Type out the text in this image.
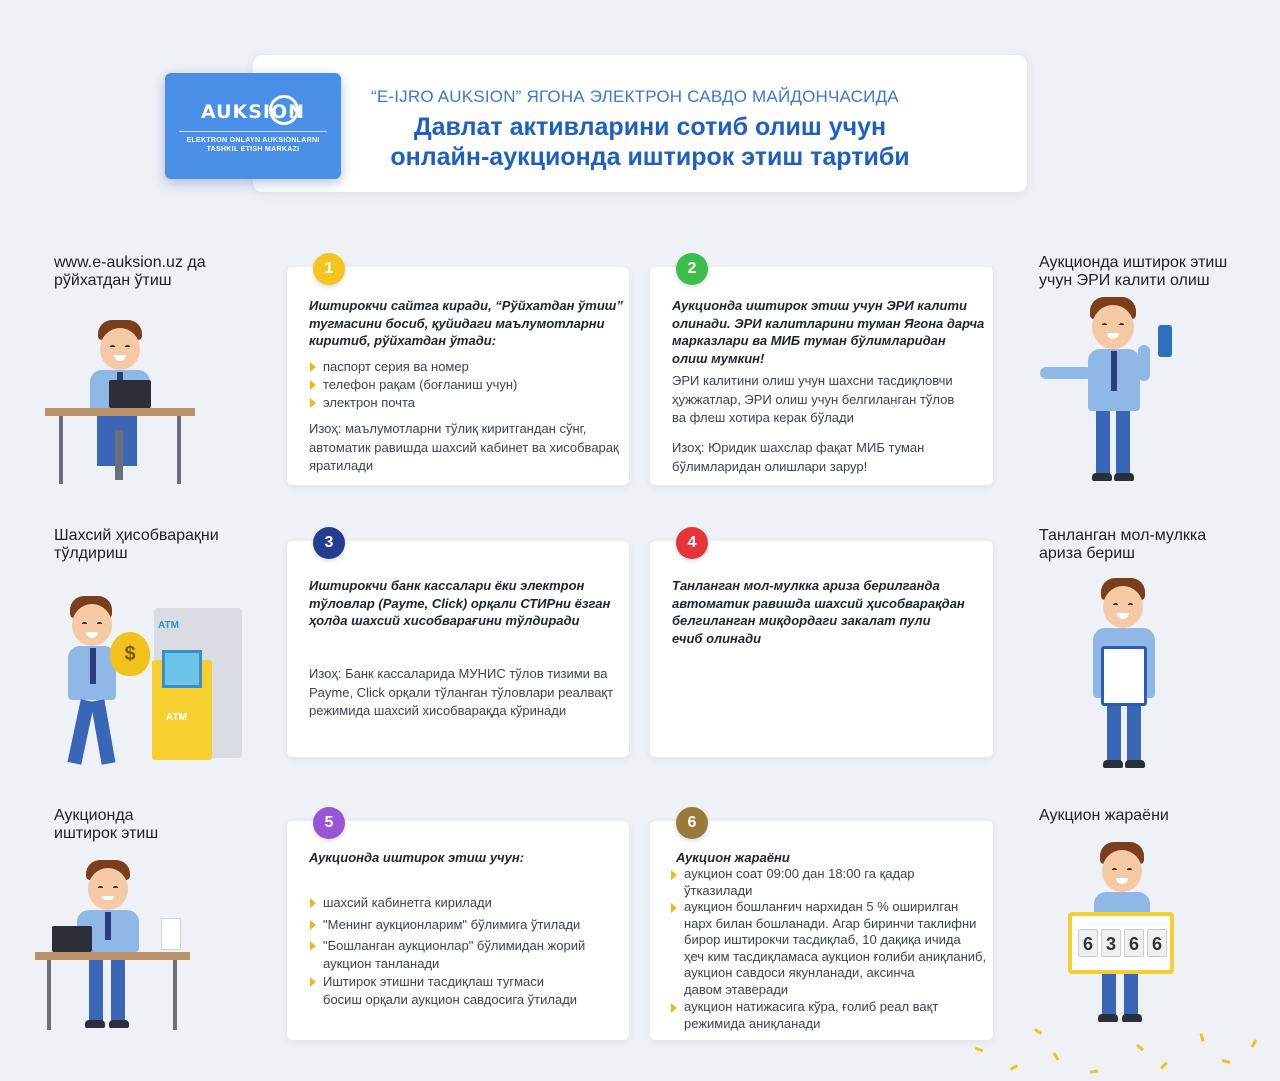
AUKSION
ELEKTRON ONLAYN AUKSIONLARNI
TASHKIL ETISH MARKAZI
“E-IJRO AUKSION” ЯГОНА ЭЛЕКТРОН САВДО МАЙДОНЧАСИДА
Давлат активларини сотиб олиш учун
онлайн-аукционда иштирок этиш тартиби
www.e-auksion.uz да
рўйхатдан ўтиш
Аукционда иштирок этиш
учун ЭРИ калити олиш
Шахсий ҳисобварақни
тўлдириш
Танланган мол-мулкка
ариза бериш
Аукционда
иштирок этиш
Аукцион жараёни
1
Иштирокчи сайтга киради, “Рўйхатдан ўтиш”
тугмасини босиб, қуйидаги маълумотларни
киритиб, рўйхатдан ўтади:
паспорт серия ва номер
телефон рақам (боғланиш учун)
электрон почта
Изоҳ: маълумотларни тўлиқ киритгандан сўнг,
автоматик равишда шахсий кабинет ва хисобварақ
яратилади
2
Аукционда иштирок этиш учун ЭРИ калити
олинади. ЭРИ калитларини туман Ягона дарча
марказлари ва МИБ туман бўлимларидан
олиш мумкин!
ЭРИ калитини олиш учун шахсни тасдиқловчи
ҳужжатлар, ЭРИ олиш учун белгиланган тўлов
ва флеш хотира керак бўлади
Изоҳ: Юридик шахслар фақат МИБ туман
бўлимларидан олишлари зарур!
3
Иштирокчи банк кассалари ёки электрон
тўловлар (Payme, Click) орқали СТИРни ёзган
ҳолда шахсий хисобварағини тўлдиради
Изоҳ: Банк кассаларида МУНИС тўлов тизими ва
Payme, Click орқали тўланган тўловлари реалвақт
режимида шахсий хисобварақда кўринади
4
Танланган мол-мулкка ариза берилганда
автоматик равишда шахсий ҳисобварақдан
белгиланган миқдордаги закалат пули
ечиб олинади
5
Аукционда иштирок этиш учун:
шахсий кабинетга кирилади
"Менинг аукционларим" бўлимига ўтилади
"Бошланган аукционлар" бўлимидан жорий
аукцион танланади
Иштирок этишни тасдиқлаш тугмаси
босиш орқали аукцион савдосига ўтилади
6
Аукцион жараёни
аукцион соат 09:00 дан 18:00 га қадар
ўтказилади
аукцион бошланғич нархидан 5 % оширилган
нарх билан бошланади. Агар биринчи таклифни
бирор иштирокчи тасдиқлаб, 10 дақиқа ичида
ҳеч ким тасдиқламаса аукцион ғолиби аниқланиб,
аукцион савдоси якунланади, аксинча
давом этаверади
аукцион натижасига кўра, ғолиб реал вақт
режимида аниқланади
$
ATM
ATM
6 3 6 6
